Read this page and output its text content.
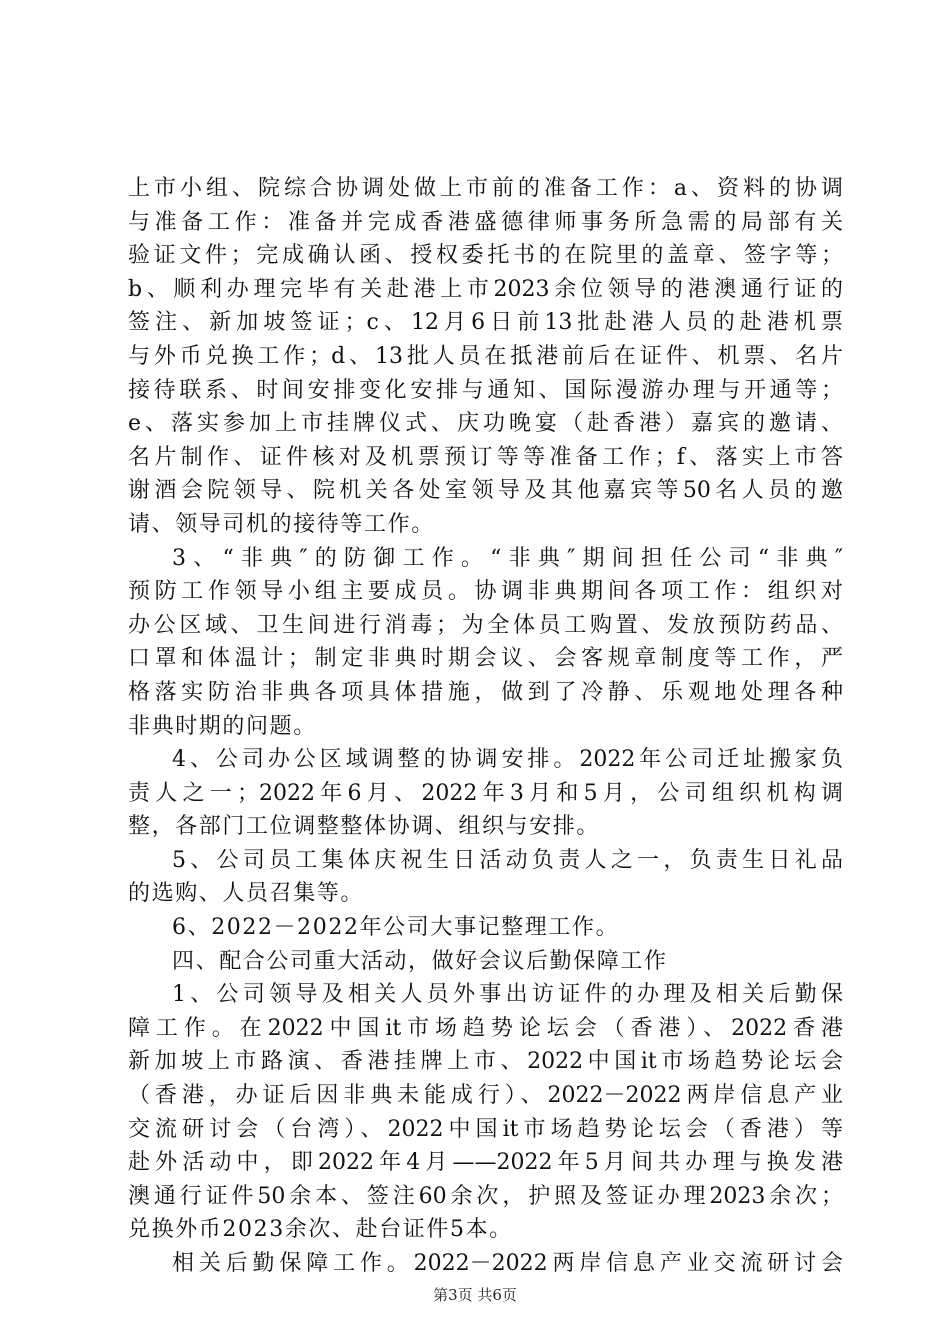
上市小组、院综合协调处做上市前的准备工作：a、资料的协调
与准备工作：准备并完成香港盛德律师事务所急需的局部有关
验证文件；完成确认函、授权委托书的在院里的盖章、签字等；
b、顺利办理完毕有关赴港上市2023余位领导的港澳通行证的
签注、新加坡签证；c、12月6日前13批赴港人员的赴港机票
与外币兑换工作；d、13批人员在抵港前后在证件、机票、名片
接待联系、时间安排变化安排与通知、国际漫游办理与开通等；
e、落实参加上市挂牌仪式、庆功晚宴（赴香港）嘉宾的邀请、
名片制作、证件核对及机票预订等等准备工作；f、落实上市答
谢酒会院领导、院机关各处室领导及其他嘉宾等50名人员的邀
请、领导司机的接待等工作。
3、“非典″的防御工作。“非典″期间担任公司“非典″
预防工作领导小组主要成员。协调非典期间各项工作：组织对
办公区域、卫生间进行消毒；为全体员工购置、发放预防药品、
口罩和体温计；制定非典时期会议、会客规章制度等工作，严
格落实防治非典各项具体措施，做到了冷静、乐观地处理各种
非典时期的问题。
4、公司办公区域调整的协调安排。2022年公司迁址搬家负
责人之一；2022年6月、2022年3月和5月，公司组织机构调
整，各部门工位调整整体协调、组织与安排。
5、公司员工集体庆祝生日活动负责人之一，负责生日礼品
的选购、人员召集等。
6、2022－2022年公司大事记整理工作。
四、配合公司重大活动，做好会议后勤保障工作
1、公司领导及相关人员外事出访证件的办理及相关后勤保
障工作。在2022中国it市场趋势论坛会（香港）、2022香港
新加坡上市路演、香港挂牌上市、2022中国it市场趋势论坛会
（香港，办证后因非典未能成行）、2022－2022两岸信息产业
交流研讨会（台湾）、2022中国it市场趋势论坛会（香港）等
赴外活动中，即2022年4月——2022年5月间共办理与换发港
澳通行证件50余本、签注60余次，护照及签证办理2023余次；
兑换外币2023余次、赴台证件5本。
相关后勤保障工作。2022－2022两岸信息产业交流研讨会
第3页 共6页
